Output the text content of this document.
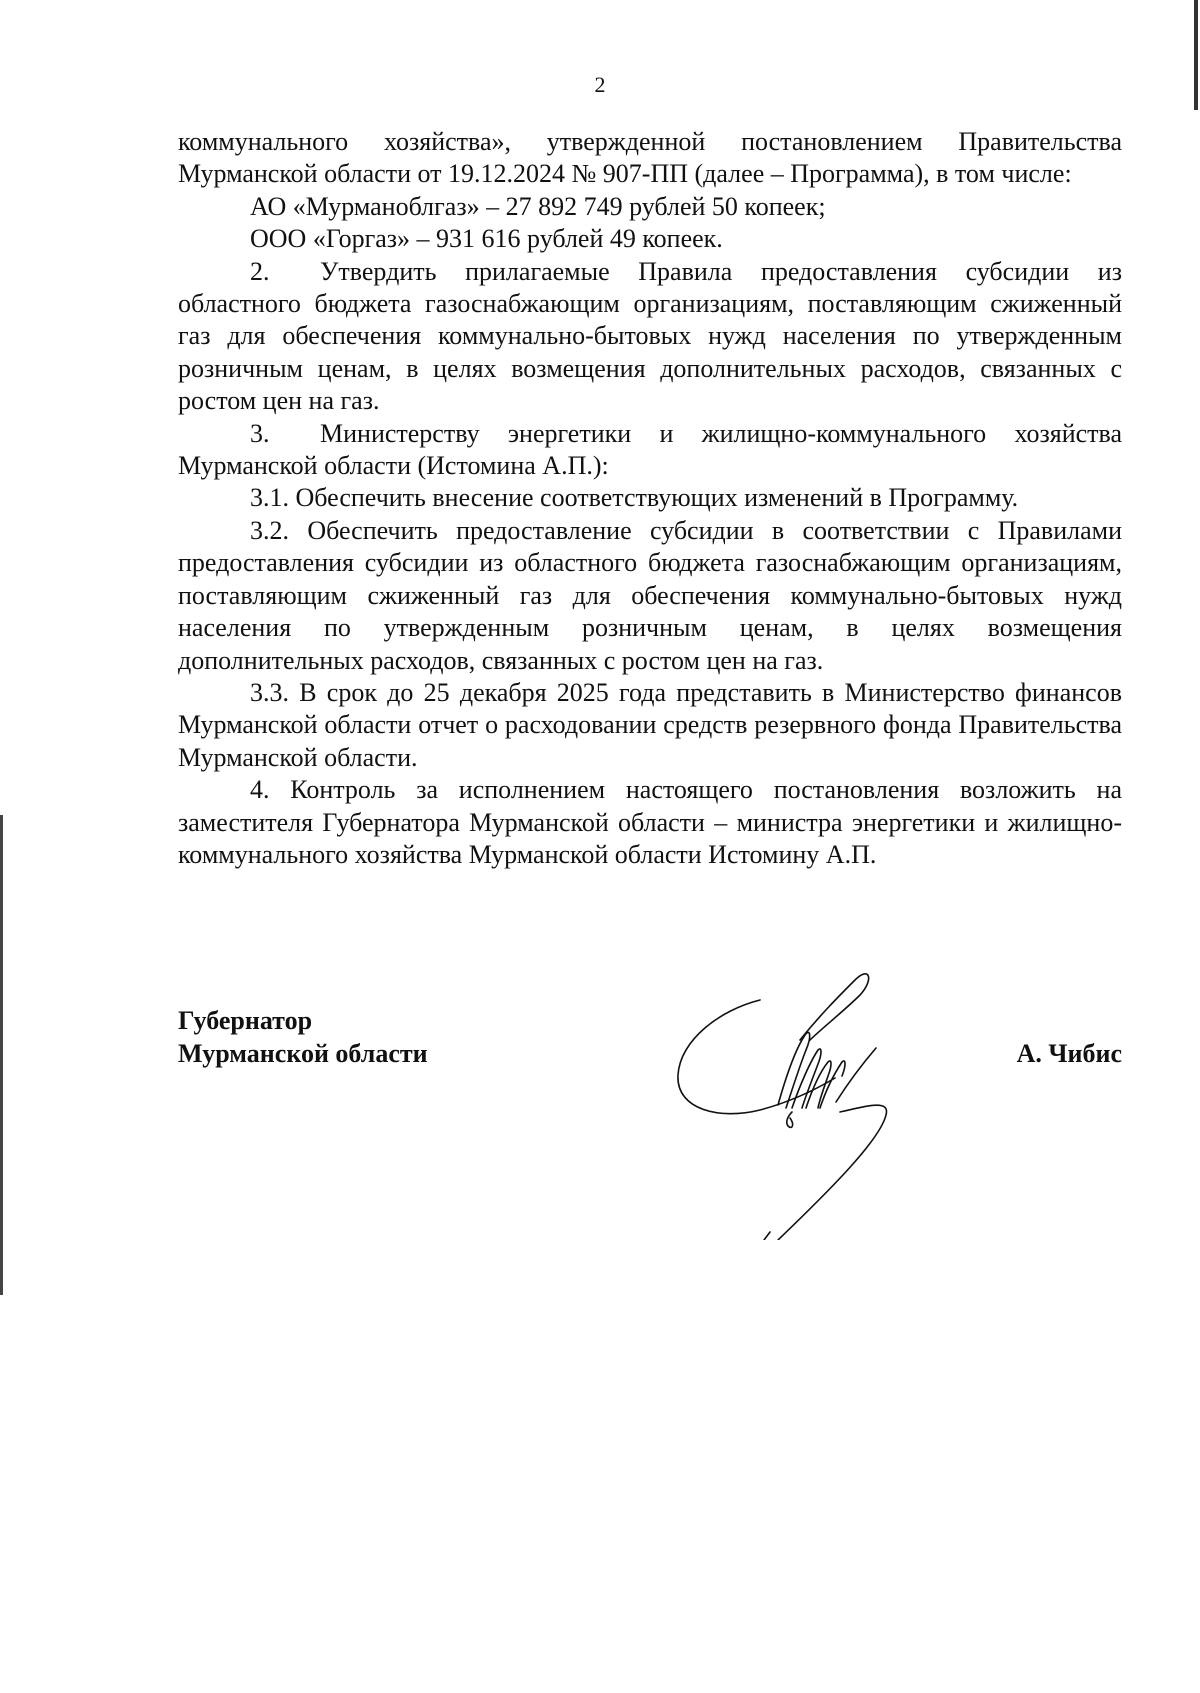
2

коммунального хозяйства», утвержденной постановлением Правительства Мурманской области от 19.12.2024 № 907-ПП (далее – Программа), в том числе:

АО «Мурманоблгаз» – 27 892 749 рублей 50 копеек;

ООО «Горгаз» – 931 616 рублей 49 копеек.

2. Утвердить прилагаемые Правила предоставления субсидии из областного бюджета газоснабжающим организациям, поставляющим сжиженный газ для обеспечения коммунально-бытовых нужд населения по утвержденным розничным ценам, в целях возмещения дополнительных расходов, связанных с ростом цен на газ.

3. Министерству энергетики и жилищно-коммунального хозяйства Мурманской области (Истомина А.П.):

3.1. Обеспечить внесение соответствующих изменений в Программу.

3.2. Обеспечить предоставление субсидии в соответствии с Правилами предоставления субсидии из областного бюджета газоснабжающим организациям, поставляющим сжиженный газ для обеспечения коммунально-бытовых нужд населения по утвержденным розничным ценам, в целях возмещения дополнительных расходов, связанных с ростом цен на газ.

3.3. В срок до 25 декабря 2025 года представить в Министерство финансов Мурманской области отчет о расходовании средств резервного фонда Правительства Мурманской области.

4. Контроль за исполнением настоящего постановления возложить на заместителя Губернатора Мурманской области – министра энергетики и жилищно-коммунального хозяйства Мурманской области Истомину А.П.

Губернатор
Мурманской области	А. Чибис
